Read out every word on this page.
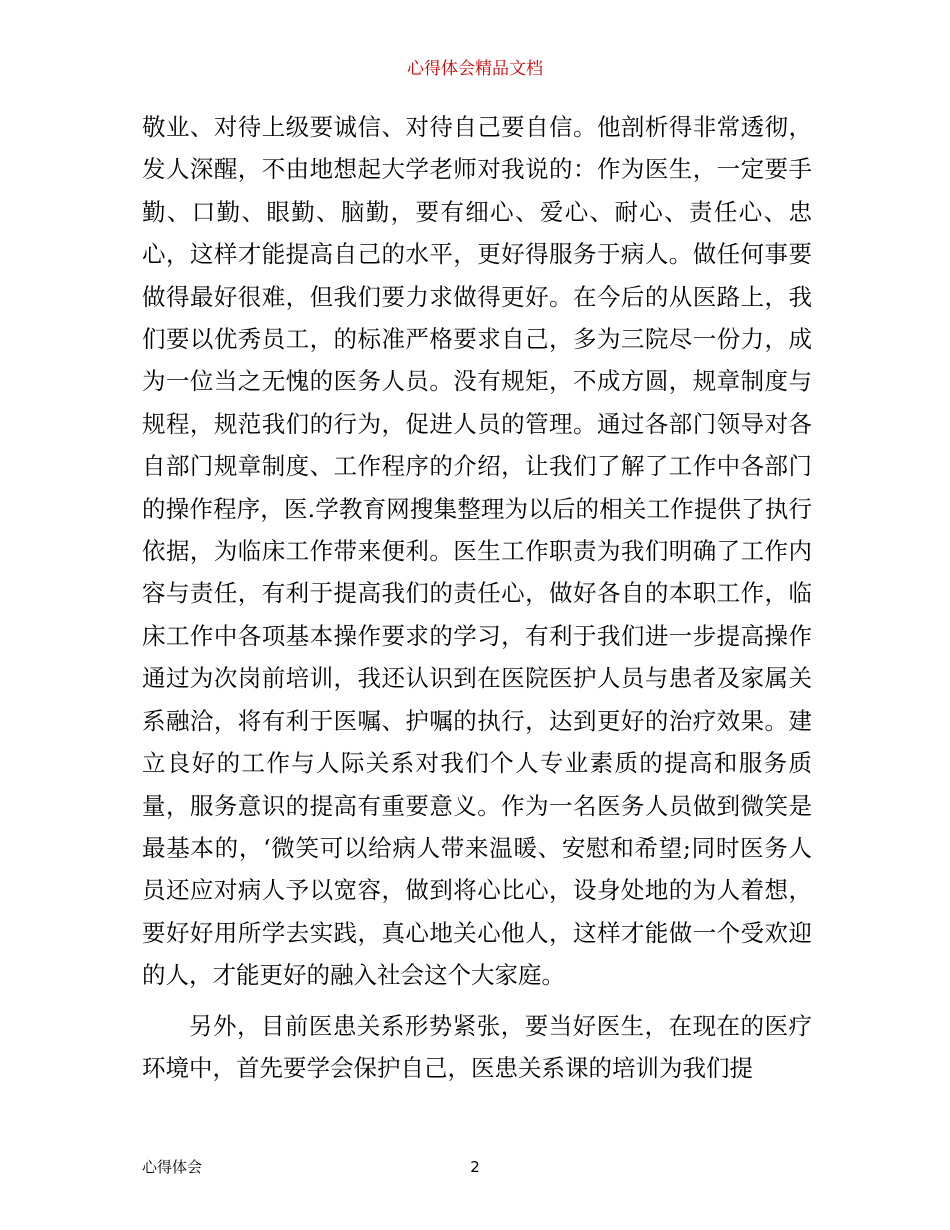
心得体会精品文档

敬业、对待上级要诚信、对待自己要自信。他剖析得非常透彻，发人深醒，不由地想起大学老师对我说的：作为医生，一定要手勤、口勤、眼勤、脑勤，要有细心、爱心、耐心、责任心、忠心，这样才能提高自己的水平，更好得服务于病人。做任何事要做得最好很难，但我们要力求做得更好。在今后的从医路上，我们要以优秀员工，的标准严格要求自己，多为三院尽一份力，成为一位当之无愧的医务人员。没有规矩，不成方圆，规章制度与规程，规范我们的行为，促进人员的管理。通过各部门领导对各自部门规章制度、工作程序的介绍，让我们了解了工作中各部门的操作程序，医.学教育网搜集整理为以后的相关工作提供了执行依据，为临床工作带来便利。医生工作职责为我们明确了工作内容与责任，有利于提高我们的责任心，做好各自的本职工作，临床工作中各项基本操作要求的学习，有利于我们进一步提高操作通过为次岗前培训，我还认识到在医院医护人员与患者及家属关系融洽，将有利于医嘱、护嘱的执行，达到更好的治疗效果。建立良好的工作与人际关系对我们个人专业素质的提高和服务质量，服务意识的提高有重要意义。作为一名医务人员做到微笑是最基本的，‘微笑可以给病人带来温暖、安慰和希望;同时医务人员还应对病人予以宽容，做到将心比心，设身处地的为人着想，要好好用所学去实践，真心地关心他人，这样才能做一个受欢迎的人，才能更好的融入社会这个大家庭。

另外，目前医患关系形势紧张，要当好医生，在现在的医疗环境中，首先要学会保护自己，医患关系课的培训为我们提

心得体会	2
